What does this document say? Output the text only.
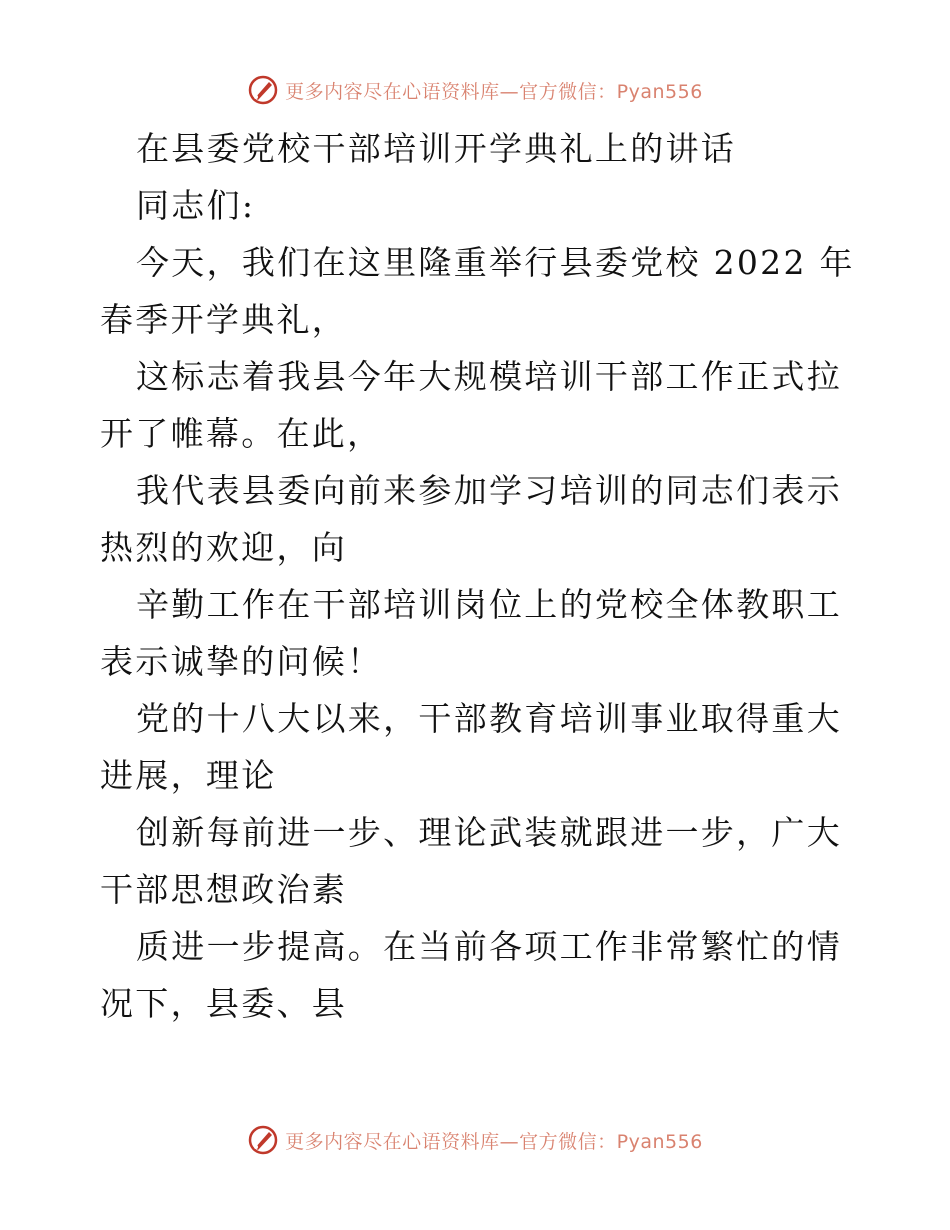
更多内容尽在心语资料库—官方微信：Pyan556

在县委党校干部培训开学典礼上的讲话

同志们:

今天，我们在这里隆重举行县委党校 2022 年春季开学典礼，

这标志着我县今年大规模培训干部工作正式拉开了帷幕。在此，

我代表县委向前来参加学习培训的同志们表示热烈的欢迎，向

辛勤工作在干部培训岗位上的党校全体教职工表示诚挚的问候！

党的十八大以来，干部教育培训事业取得重大进展，理论

创新每前进一步、理论武装就跟进一步，广大干部思想政治素

质进一步提高。在当前各项工作非常繁忙的情况下，县委、县

更多内容尽在心语资料库—官方微信：Pyan556
